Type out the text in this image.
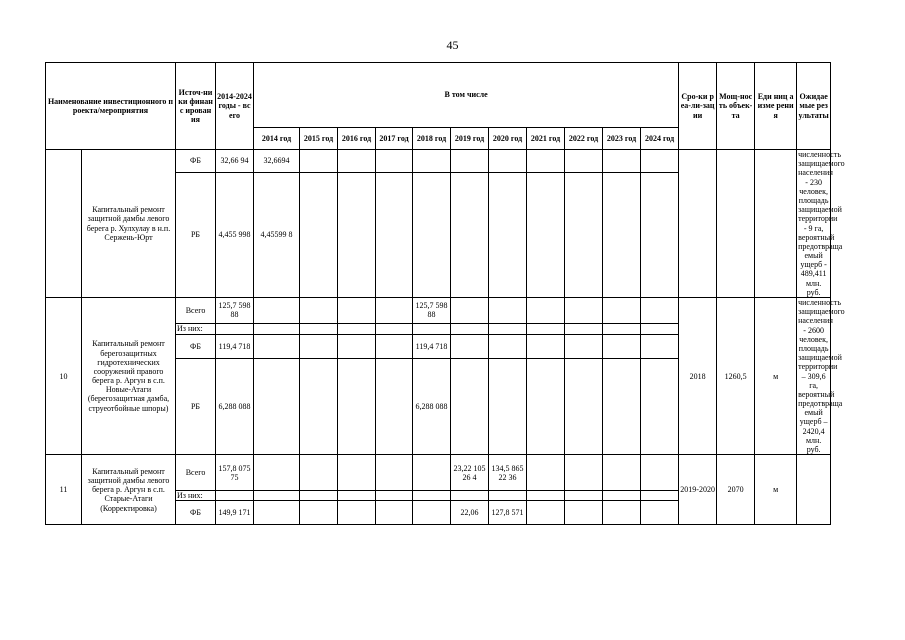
45
Наименование инвестиционного проекта/мероприятия		Источ-ники финанс ирован ия	2014-2024 годы - всего	В том числе											Сро-ки реа-ли-зации	Мощ-ность объек-та	Еди ниц а изме рени я	Ожидаемые результаты
				2014 год	2015 год	2016 год	2017 год	2018 год	2019 год	2020 год	2021 год	2022 год	2023 год	2024 год				
	Капитальный ремонт защитной дамбы левого берега р. Хулхулау в н.п. Сержень-Юрт	ФБ	32,66 94	32,6694														численность защищаемого населения - 230 человек, площадь защищаемой территории - 9 га, вероятный предотвраща емый ущерб - 489,411 млн. руб.
		РБ	4,455 998	4,45599 8														
10	Капитальный ремонт берегозащитных гидротехнических сооружений правого берега р. Аргун в с.п. Новые-Атаги (берегозащитная дамба, струеотбойные шпоры)	Всего	125,7 59888					125,7 59888							2018	1260,5	м	численность защищаемого населения - 2600 человек, площадь защищаемой территории – 309,6 га, вероятный предотвраща емый ущерб – 2420,4 млн. руб.
		Из них:																
		ФБ	119,4 718					119,4 718										
		РБ	6,288 088					6,288 088										
11	Капитальный ремонт защитной дамбы левого берега р. Аргун в с.п. Старые-Атаги (Корректировка)	Всего	157,8 07575						23,22 10526 4	134,5 86522 36					2019-2020	2070	м	
		Из них:																
		ФБ	149,9 171						22,06	127,8 571								
